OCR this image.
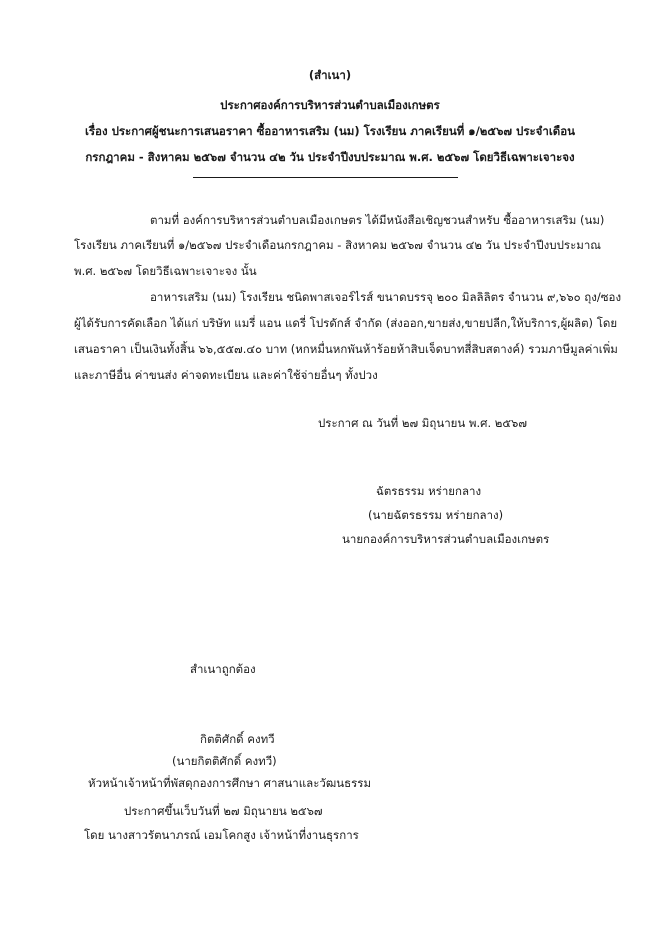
(สำเนา)
ประกาศองค์การบริหารส่วนตำบลเมืองเกษตร
เรื่อง ประกาศผู้ชนะการเสนอราคา ซื้ออาหารเสริม (นม) โรงเรียน ภาคเรียนที่ ๑/๒๕๖๗ ประจำเดือน
กรกฎาคม - สิงหาคม ๒๕๖๗ จำนวน ๔๒ วัน ประจำปีงบประมาณ พ.ศ. ๒๕๖๗ โดยวิธีเฉพาะเจาะจง
ตามที่ องค์การบริหารส่วนตำบลเมืองเกษตร ได้มีหนังสือเชิญชวนสำหรับ ซื้ออาหารเสริม (นม)
โรงเรียน ภาคเรียนที่ ๑/๒๕๖๗ ประจำเดือนกรกฎาคม - สิงหาคม ๒๕๖๗ จำนวน ๔๒ วัน ประจำปีงบประมาณ
พ.ศ. ๒๕๖๗ โดยวิธีเฉพาะเจาะจง นั้น
อาหารเสริม (นม) โรงเรียน ชนิดพาสเจอร์ไรส์ ขนาดบรรจุ ๒๐๐ มิลลิลิตร จำนวน ๙,๖๖๐ ถุง/ซอง
ผู้ได้รับการคัดเลือก ได้แก่ บริษัท แมรี่ แอน แดรี่ โปรดักส์ จำกัด (ส่งออก,ขายส่ง,ขายปลีก,ให้บริการ,ผู้ผลิต) โดย
เสนอราคา เป็นเงินทั้งสิ้น ๖๖,๕๕๗.๔๐ บาท (หกหมื่นหกพันห้าร้อยห้าสิบเจ็ดบาทสี่สิบสตางค์) รวมภาษีมูลค่าเพิ่ม
และภาษีอื่น ค่าขนส่ง ค่าจดทะเบียน และค่าใช้จ่ายอื่นๆ ทั้งปวง
ประกาศ ณ วันที่ ๒๗ มิถุนายน พ.ศ. ๒๕๖๗
ฉัตรธรรม หร่ายกลาง
(นายฉัตรธรรม หร่ายกลาง)
นายกองค์การบริหารส่วนตำบลเมืองเกษตร
สำเนาถูกต้อง
กิตติศักดิ์ คงทวี
(นายกิตติศักดิ์ คงทวี)
หัวหน้าเจ้าหน้าที่พัสดุกองการศึกษา ศาสนาและวัฒนธรรม
ประกาศขึ้นเว็บวันที่ ๒๗ มิถุนายน ๒๕๖๗
โดย นางสาวรัตนาภรณ์ เอมโคกสูง เจ้าหน้าที่งานธุรการ
